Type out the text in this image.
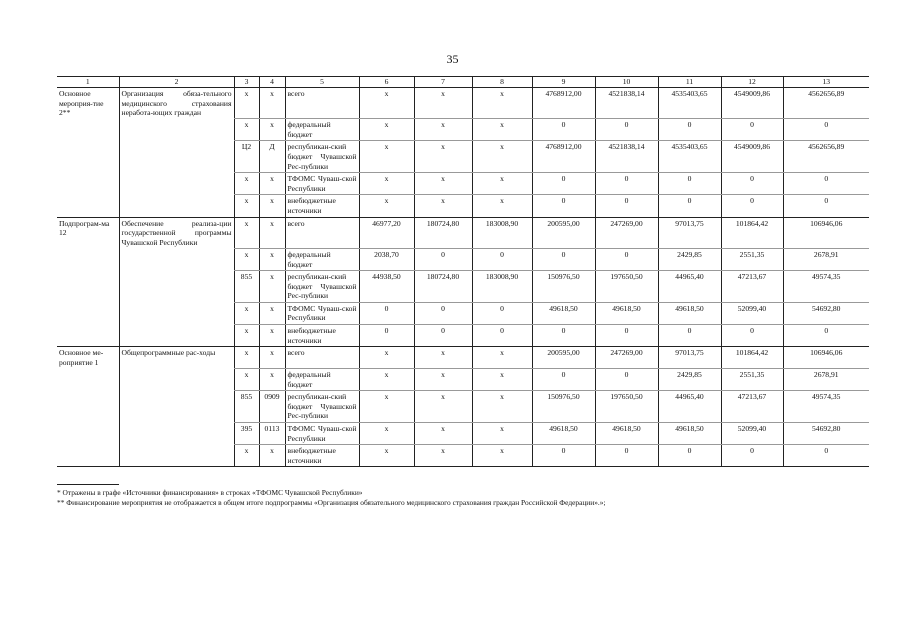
35
1	2	3	4	5	6	7	8	9	10	11	12	13
Основное мероприя-тие 2**	Организация обяза-тельного медицинского страхования неработа-ющих граждан	x	x	всего	x	x	x	4768912,00	4521838,14	4535403,65	4549009,86	4562656,89
		x	x	федеральный бюджет	x	x	x	0	0	0	0	0
		Ц2	Д	республикан-ский бюджет Чувашской Рес-публики	x	x	x	4768912,00	4521838,14	4535403,65	4549009,86	4562656,89
		x	x	ТФОМС Чуваш-ской Республики	x	x	x	0	0	0	0	0
		x	x	внебюджетные источники	x	x	x	0	0	0	0	0
Подпрограм-ма 12	Обеспечение реализа-ции государственной программы Чувашской Республики	x	x	всего	46977,20	180724,80	183008,90	200595,00	247269,00	97013,75	101864,42	106946,06
		x	x	федеральный бюджет	2038,70	0	0	0	0	2429,85	2551,35	2678,91
		855	x	республикан-ский бюджет Чувашской Рес-публики	44938,50	180724,80	183008,90	150976,50	197650,50	44965,40	47213,67	49574,35
		x	x	ТФОМС Чуваш-ской Республики	0	0	0	49618,50	49618,50	49618,50	52099,40	54692,80
		x	x	внебюджетные источники	0	0	0	0	0	0	0	0
Основное ме-роприятие 1	Общепрограммные рас-ходы	x	x	всего	x	x	x	200595,00	247269,00	97013,75	101864,42	106946,06
		x	x	федеральный бюджет	x	x	x	0	0	2429,85	2551,35	2678,91
		855	0909	республикан-ский бюджет Чувашской Рес-публики	x	x	x	150976,50	197650,50	44965,40	47213,67	49574,35
		395	0113	ТФОМС Чуваш-ской Республики	x	x	x	49618,50	49618,50	49618,50	52099,40	54692,80
		x	x	внебюджетные источники	x	x	x	0	0	0	0	0
* Отражены в графе «Источники финансирования» в строках «ТФОМС Чувашской Республики»
** Финансирование мероприятия не отображается в общем итоге подпрограммы «Организация обязательного медицинского страхования граждан Российской Федерации».»;
